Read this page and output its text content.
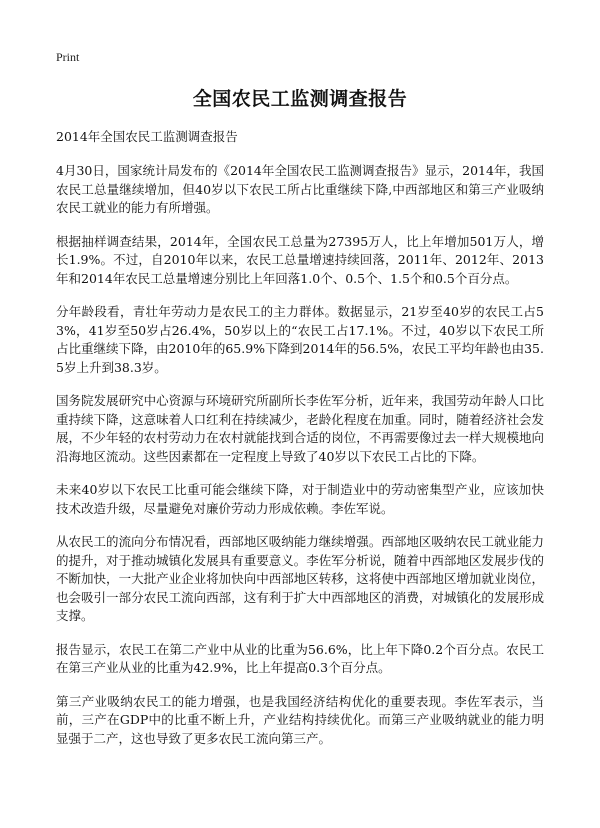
Print
全国农民工监测调查报告
2014年全国农民工监测调查报告

4月30日，国家统计局发布的《2014年全国农民工监测调查报告》显示，2014年，我国农民工总量继续增加，但40岁以下农民工所占比重继续下降,中西部地区和第三产业吸纳农民工就业的能力有所增强。

根据抽样调查结果，2014年，全国农民工总量为27395万人，比上年增加501万人，增长1.9%。不过，自2010年以来，农民工总量增速持续回落，2011年、2012年、2013年和2014年农民工总量增速分别比上年回落1.0个、0.5个、1.5个和0.5个百分点。

分年龄段看，青壮年劳动力是农民工的主力群体。数据显示，21岁至40岁的农民工占53%，41岁至50岁占26.4%，50岁以上的“农民工占17.1%。不过，40岁以下农民工所占比重继续下降，由2010年的65.9%下降到2014年的56.5%，农民工平均年龄也由35.5岁上升到38.3岁。

国务院发展研究中心资源与环境研究所副所长李佐军分析，近年来，我国劳动年龄人口比重持续下降，这意味着人口红利在持续减少，老龄化程度在加重。同时，随着经济社会发展，不少年轻的农村劳动力在农村就能找到合适的岗位，不再需要像过去一样大规模地向沿海地区流动。这些因素都在一定程度上导致了40岁以下农民工占比的下降。

未来40岁以下农民工比重可能会继续下降，对于制造业中的劳动密集型产业，应该加快技术改造升级，尽量避免对廉价劳动力形成依赖。李佐军说。

从农民工的流向分布情况看，西部地区吸纳能力继续增强。西部地区吸纳农民工就业能力的提升，对于推动城镇化发展具有重要意义。李佐军分析说，随着中西部地区发展步伐的不断加快，一大批产业企业将加快向中西部地区转移，这将使中西部地区增加就业岗位，也会吸引一部分农民工流向西部，这有利于扩大中西部地区的消费，对城镇化的发展形成支撑。

报告显示，农民工在第二产业中从业的比重为56.6%，比上年下降0.2个百分点。农民工在第三产业从业的比重为42.9%，比上年提高0.3个百分点。

第三产业吸纳农民工的能力增强，也是我国经济结构优化的重要表现。李佐军表示，当前，三产在GDP中的比重不断上升，产业结构持续优化。而第三产业吸纳就业的能力明显强于二产，这也导致了更多农民工流向第三产。
